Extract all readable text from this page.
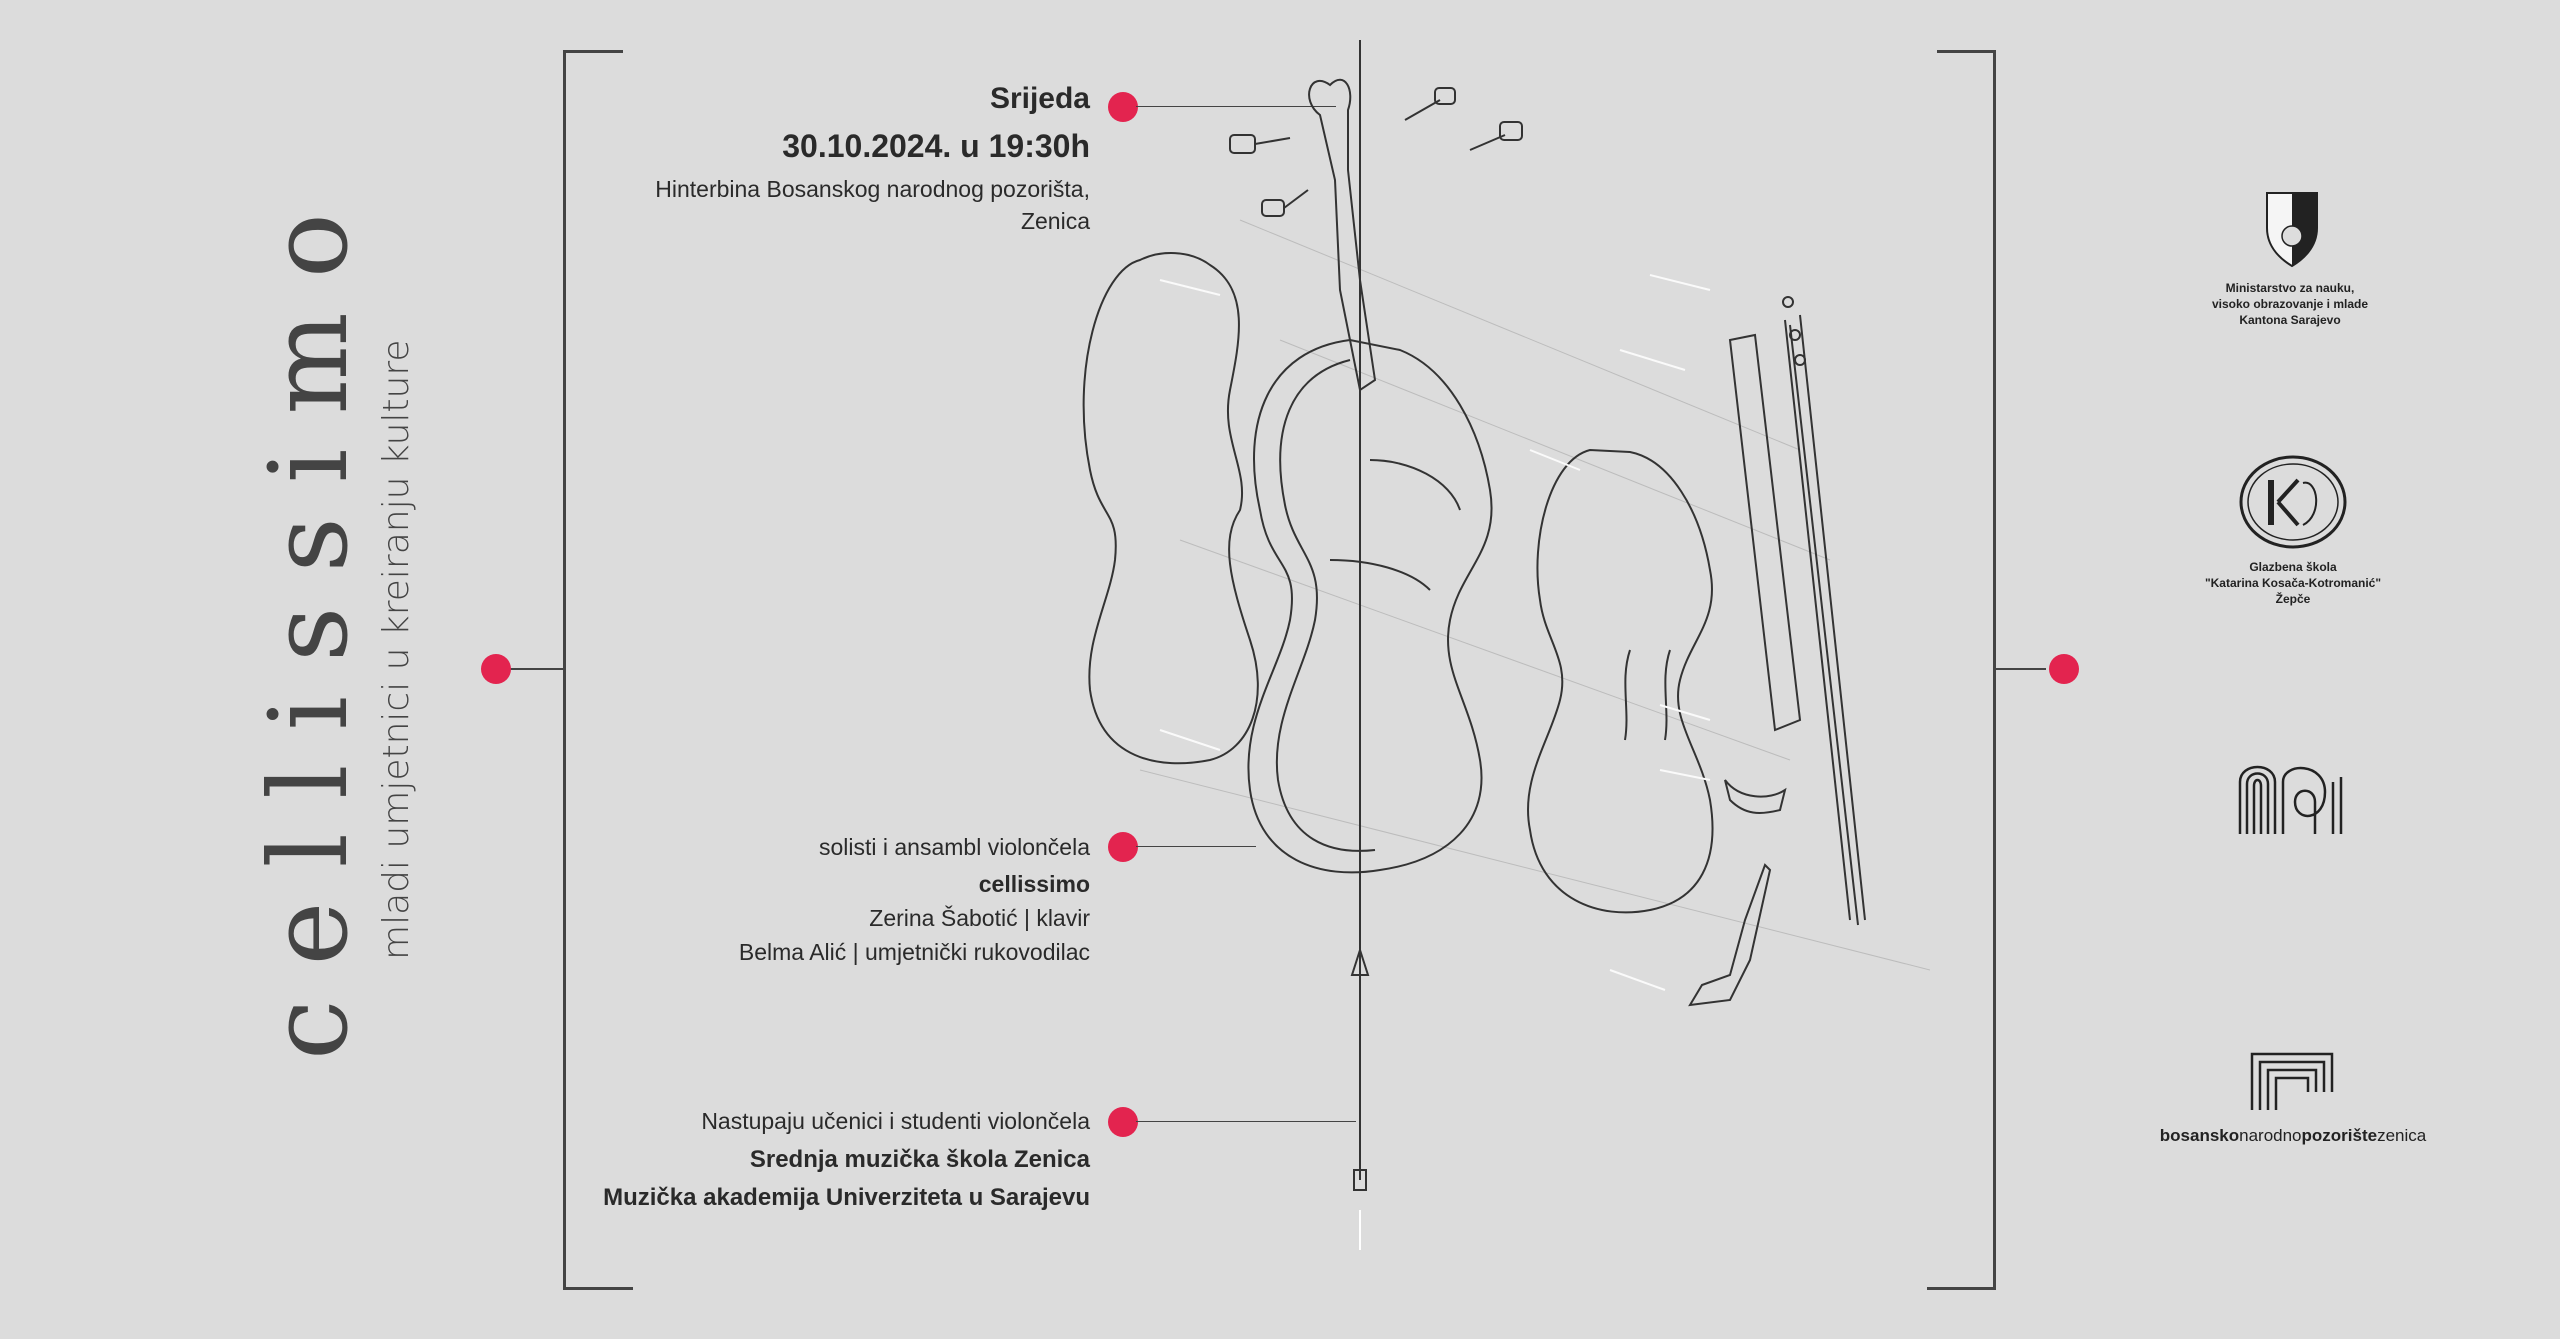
cellissimo mladi umjetnici u kreiranju kulture
Srijeda
30.10.2024. u 19:30h
Hinterbina Bosanskog narodnog pozorišta,
Zenica
solisti i ansambl violončela
cellissimo
Zerina Šabotić | klavir
Belma Alić | umjetnički rukovodilac
Nastupaju učenici i studenti violončela
Srednja muzička škola Zenica
Muzička akademija Univerziteta u Sarajevu
Ministarstvo za nauku,
visoko obrazovanje i mlade
Kantona Sarajevo
Glazbena škola
"Katarina Kosača-Kotromanić"
Žepče
bosanskonarodnopozorištezenica
